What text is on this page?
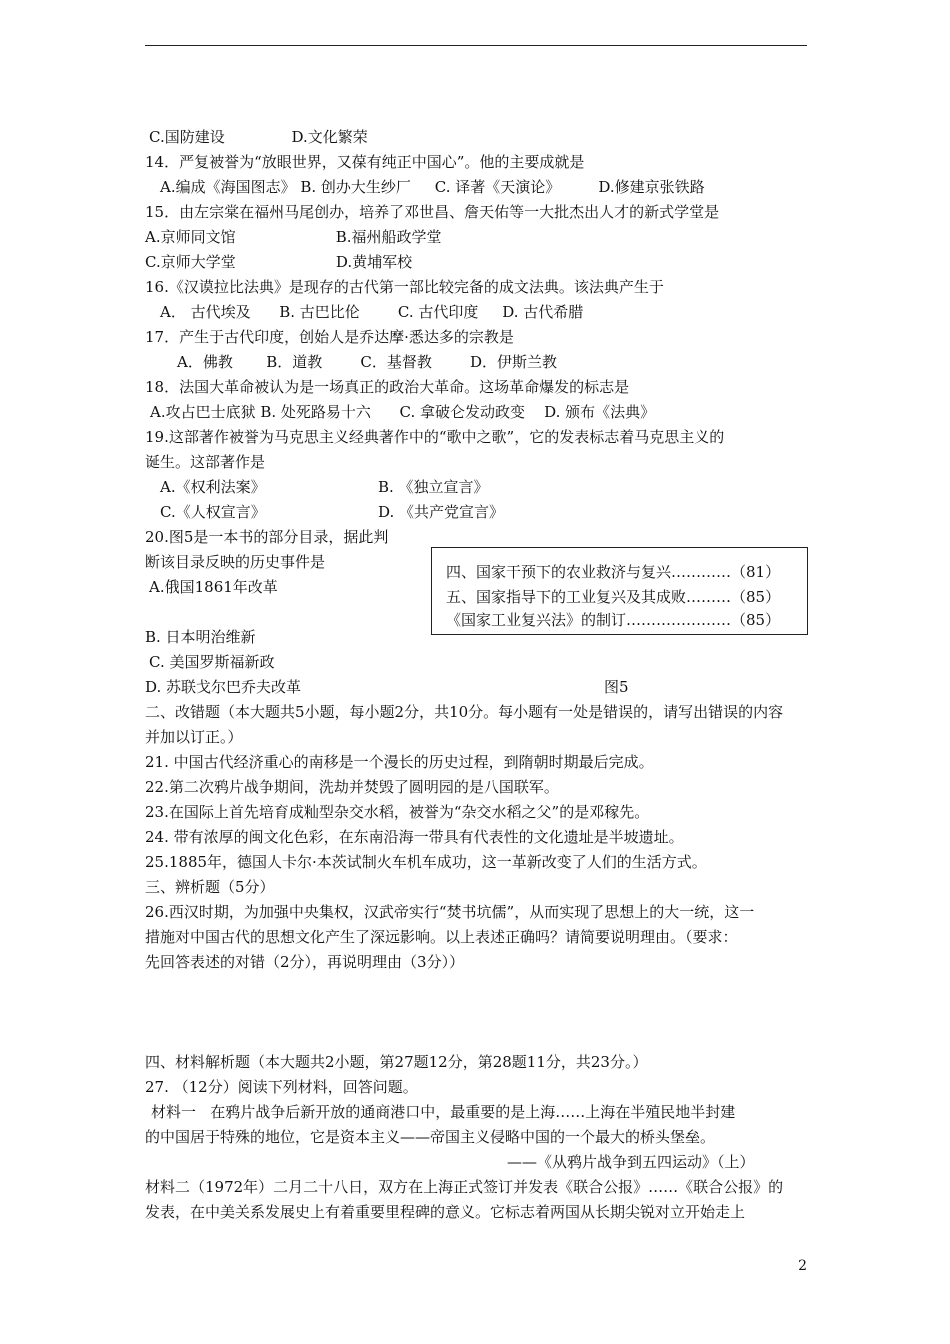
C.国防建设              D.文化繁荣
14．严复被誉为“放眼世界，又葆有纯正中国心”。他的主要成就是
A.编成《海国图志》 B. 创办大生纱厂     C. 译著《天演论》        D.修建京张铁路
15．由左宗棠在福州马尾创办，培养了邓世昌、詹天佑等一大批杰出人才的新式学堂是
A.京师同文馆                     B.福州船政学堂
C.京师大学堂                     D.黄埔军校
16.《汉谟拉比法典》是现存的古代第一部比较完备的成文法典。该法典产生于
A． 古代埃及      B. 古巴比伦        C. 古代印度     D. 古代希腊
17．产生于古代印度，创始人是乔达摩·悉达多的宗教是
A．佛教       B．道教        C．基督教        D．伊斯兰教
18．法国大革命被认为是一场真正的政治大革命。这场革命爆发的标志是
A.攻占巴士底狱 B. 处死路易十六      C. 拿破仑发动政变    D. 颁布《法典》
19.这部著作被誉为马克思主义经典著作中的“歌中之歌”，它的发表标志着马克思主义的
诞生。这部著作是
A.《权利法案》	B. 《独立宣言》
C.《人权宣言》	D. 《共产党宣言》
20.图5是一本书的部分目录，据此判
断该目录反映的历史事件是
A.俄国1861年改革
四、国家干预下的农业救济与复兴…………（81）
五、国家指导下的工业复兴及其成败………（85）
《国家工业复兴法》的制订…………………（85）
B. 日本明治维新
C. 美国罗斯福新政
D. 苏联戈尔巴乔夫改革	图5
二、改错题（本大题共5小题，每小题2分，共10分。每小题有一处是错误的，请写出错误的内容
并加以订正。）
21. 中国古代经济重心的南移是一个漫长的历史过程，到隋朝时期最后完成。
22.第二次鸦片战争期间，洗劫并焚毁了圆明园的是八国联军。
23.在国际上首先培育成籼型杂交水稻，被誉为“杂交水稻之父”的是邓稼先。
24. 带有浓厚的闽文化色彩，在东南沿海一带具有代表性的文化遗址是半坡遗址。
25.1885年，德国人卡尔·本茨试制火车机车成功，这一革新改变了人们的生活方式。
三、辨析题（5分）
26.西汉时期，为加强中央集权，汉武帝实行“焚书坑儒”，从而实现了思想上的大一统，这一
措施对中国古代的思想文化产生了深远影响。以上表述正确吗？请简要说明理由。（要求：
先回答表述的对错（2分），再说明理由（3分））
四、材料解析题（本大题共2小题，第27题12分，第28题11分，共23分。）
27. （12分）阅读下列材料，回答问题。
材料一   在鸦片战争后新开放的通商港口中，最重要的是上海……上海在半殖民地半封建
的中国居于特殊的地位，它是资本主义——帝国主义侵略中国的一个最大的桥头堡垒。
——《从鸦片战争到五四运动》（上）
材料二（1972年）二月二十八日，双方在上海正式签订并发表《联合公报》……《联合公报》的
发表，在中美关系发展史上有着重要里程碑的意义。它标志着两国从长期尖锐对立开始走上
2
